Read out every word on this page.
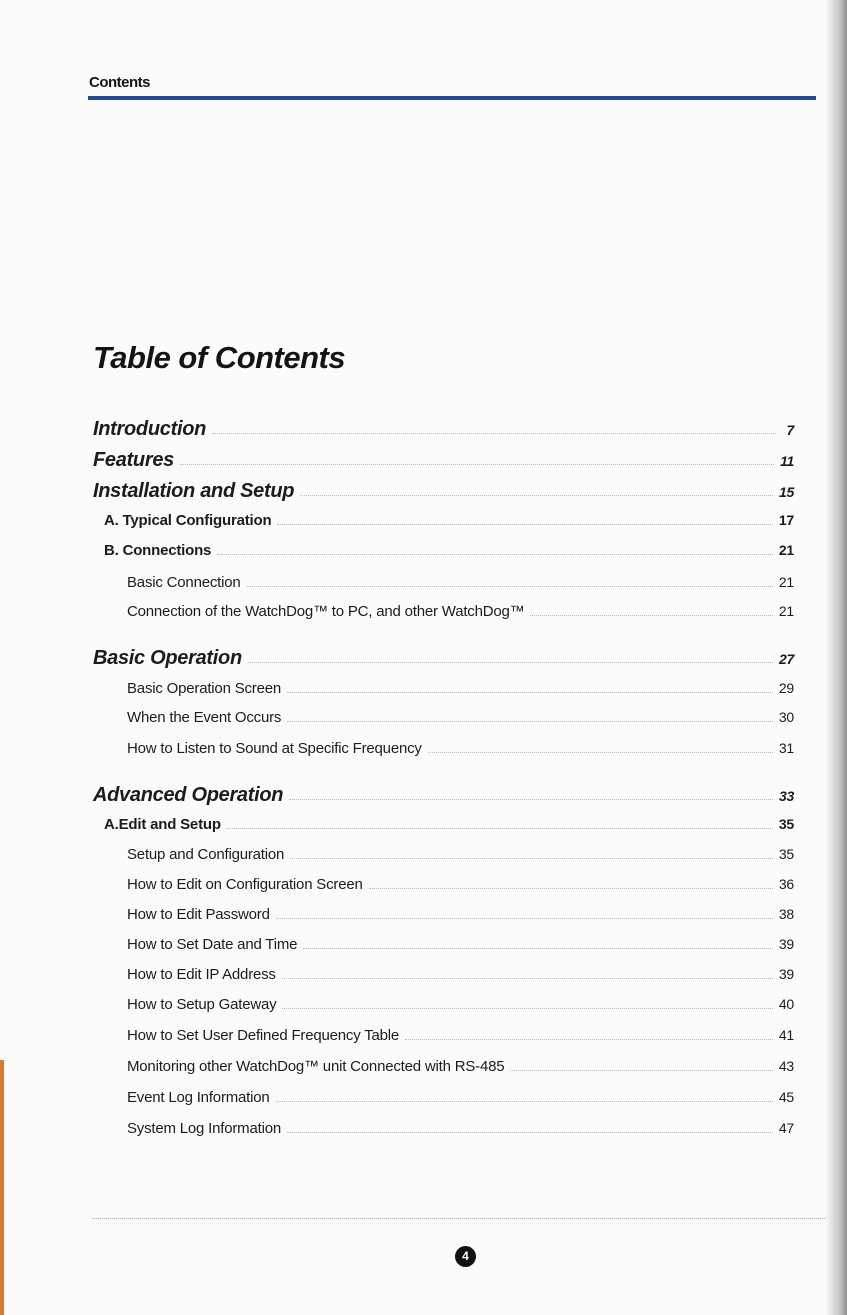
Contents
Table of Contents
Introduction	7
Features	11
Installation and Setup	15
A. Typical Configuration	17
B. Connections	21
Basic Connection	21
Connection of the WatchDog™ to PC, and other WatchDog™	21
Basic Operation	27
Basic Operation Screen	29
When the Event Occurs	30
How to Listen to Sound at Specific Frequency	31
Advanced Operation	33
A.Edit and Setup	35
Setup and Configuration	35
How to Edit on Configuration Screen	36
How to Edit Password	38
How to Set Date and Time	39
How to Edit IP Address	39
How to Setup Gateway	40
How to Set User Defined Frequency Table	41
Monitoring other WatchDog™ unit Connected with RS-485	43
Event Log Information	45
System Log Information	47
4
